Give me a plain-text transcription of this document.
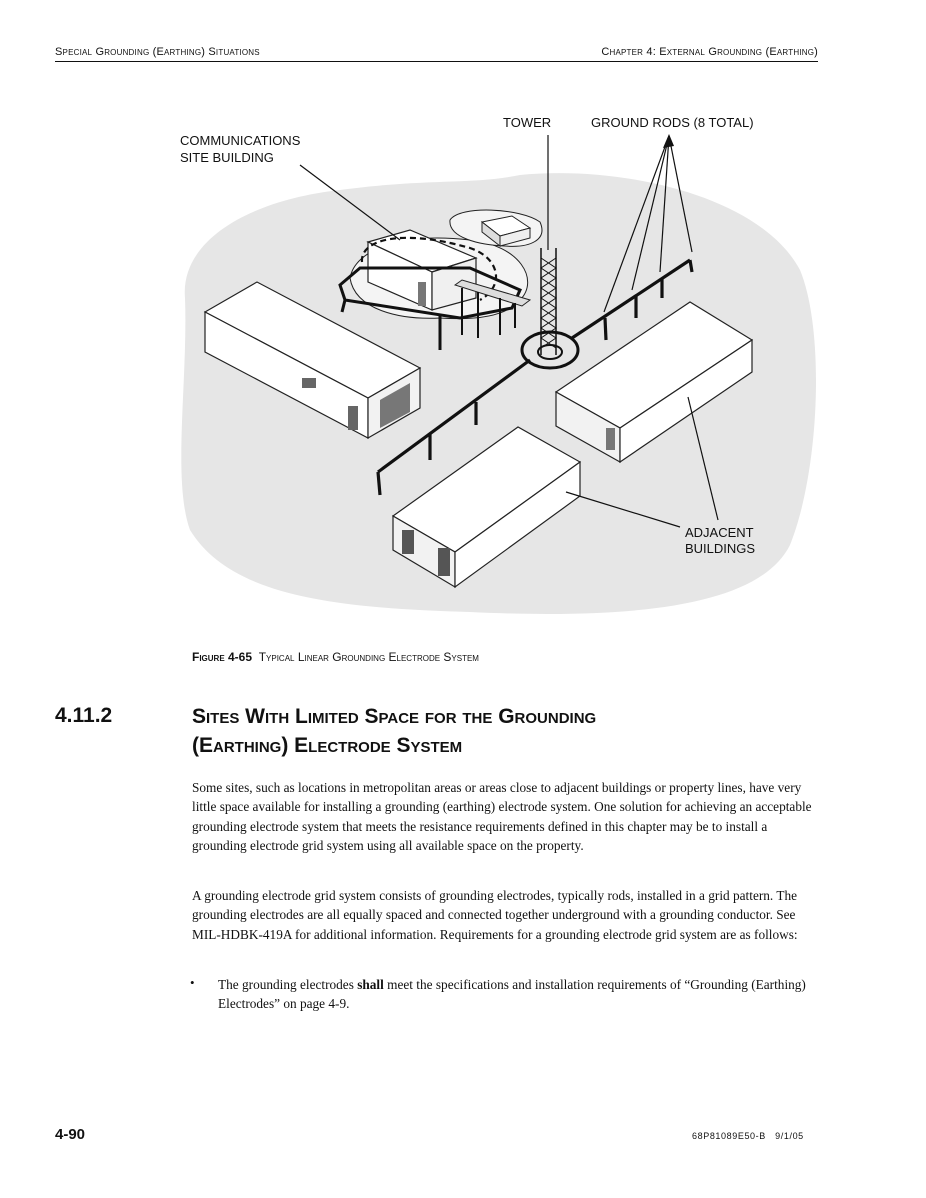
Special Grounding (Earthing) Situations	Chapter 4: External Grounding (Earthing)
COMMUNICATIONS
SITE BUILDING
TOWER	GROUND RODS (8 TOTAL)
ADJACENT
BUILDINGS
Figure 4-65 Typical Linear Grounding Electrode System
4.11.2	Sites With Limited Space for the Grounding
(Earthing) Electrode System

Some sites, such as locations in metropolitan areas or areas close to adjacent buildings or property lines, have very little space available for installing a grounding (earthing) electrode system. One solution for achieving an acceptable grounding electrode system that meets the resistance requirements defined in this chapter may be to install a grounding electrode grid system using all available space on the property.

A grounding electrode grid system consists of grounding electrodes, typically rods, installed in a grid pattern. The grounding electrodes are all equally spaced and connected together underground with a grounding conductor. See MIL-HDBK-419A for additional information. Requirements for a grounding electrode grid system are as follows:

• The grounding electrodes shall meet the specifications and installation requirements of “Grounding (Earthing) Electrodes” on page 4-9.
4-90	68P81089E50-B   9/1/05
